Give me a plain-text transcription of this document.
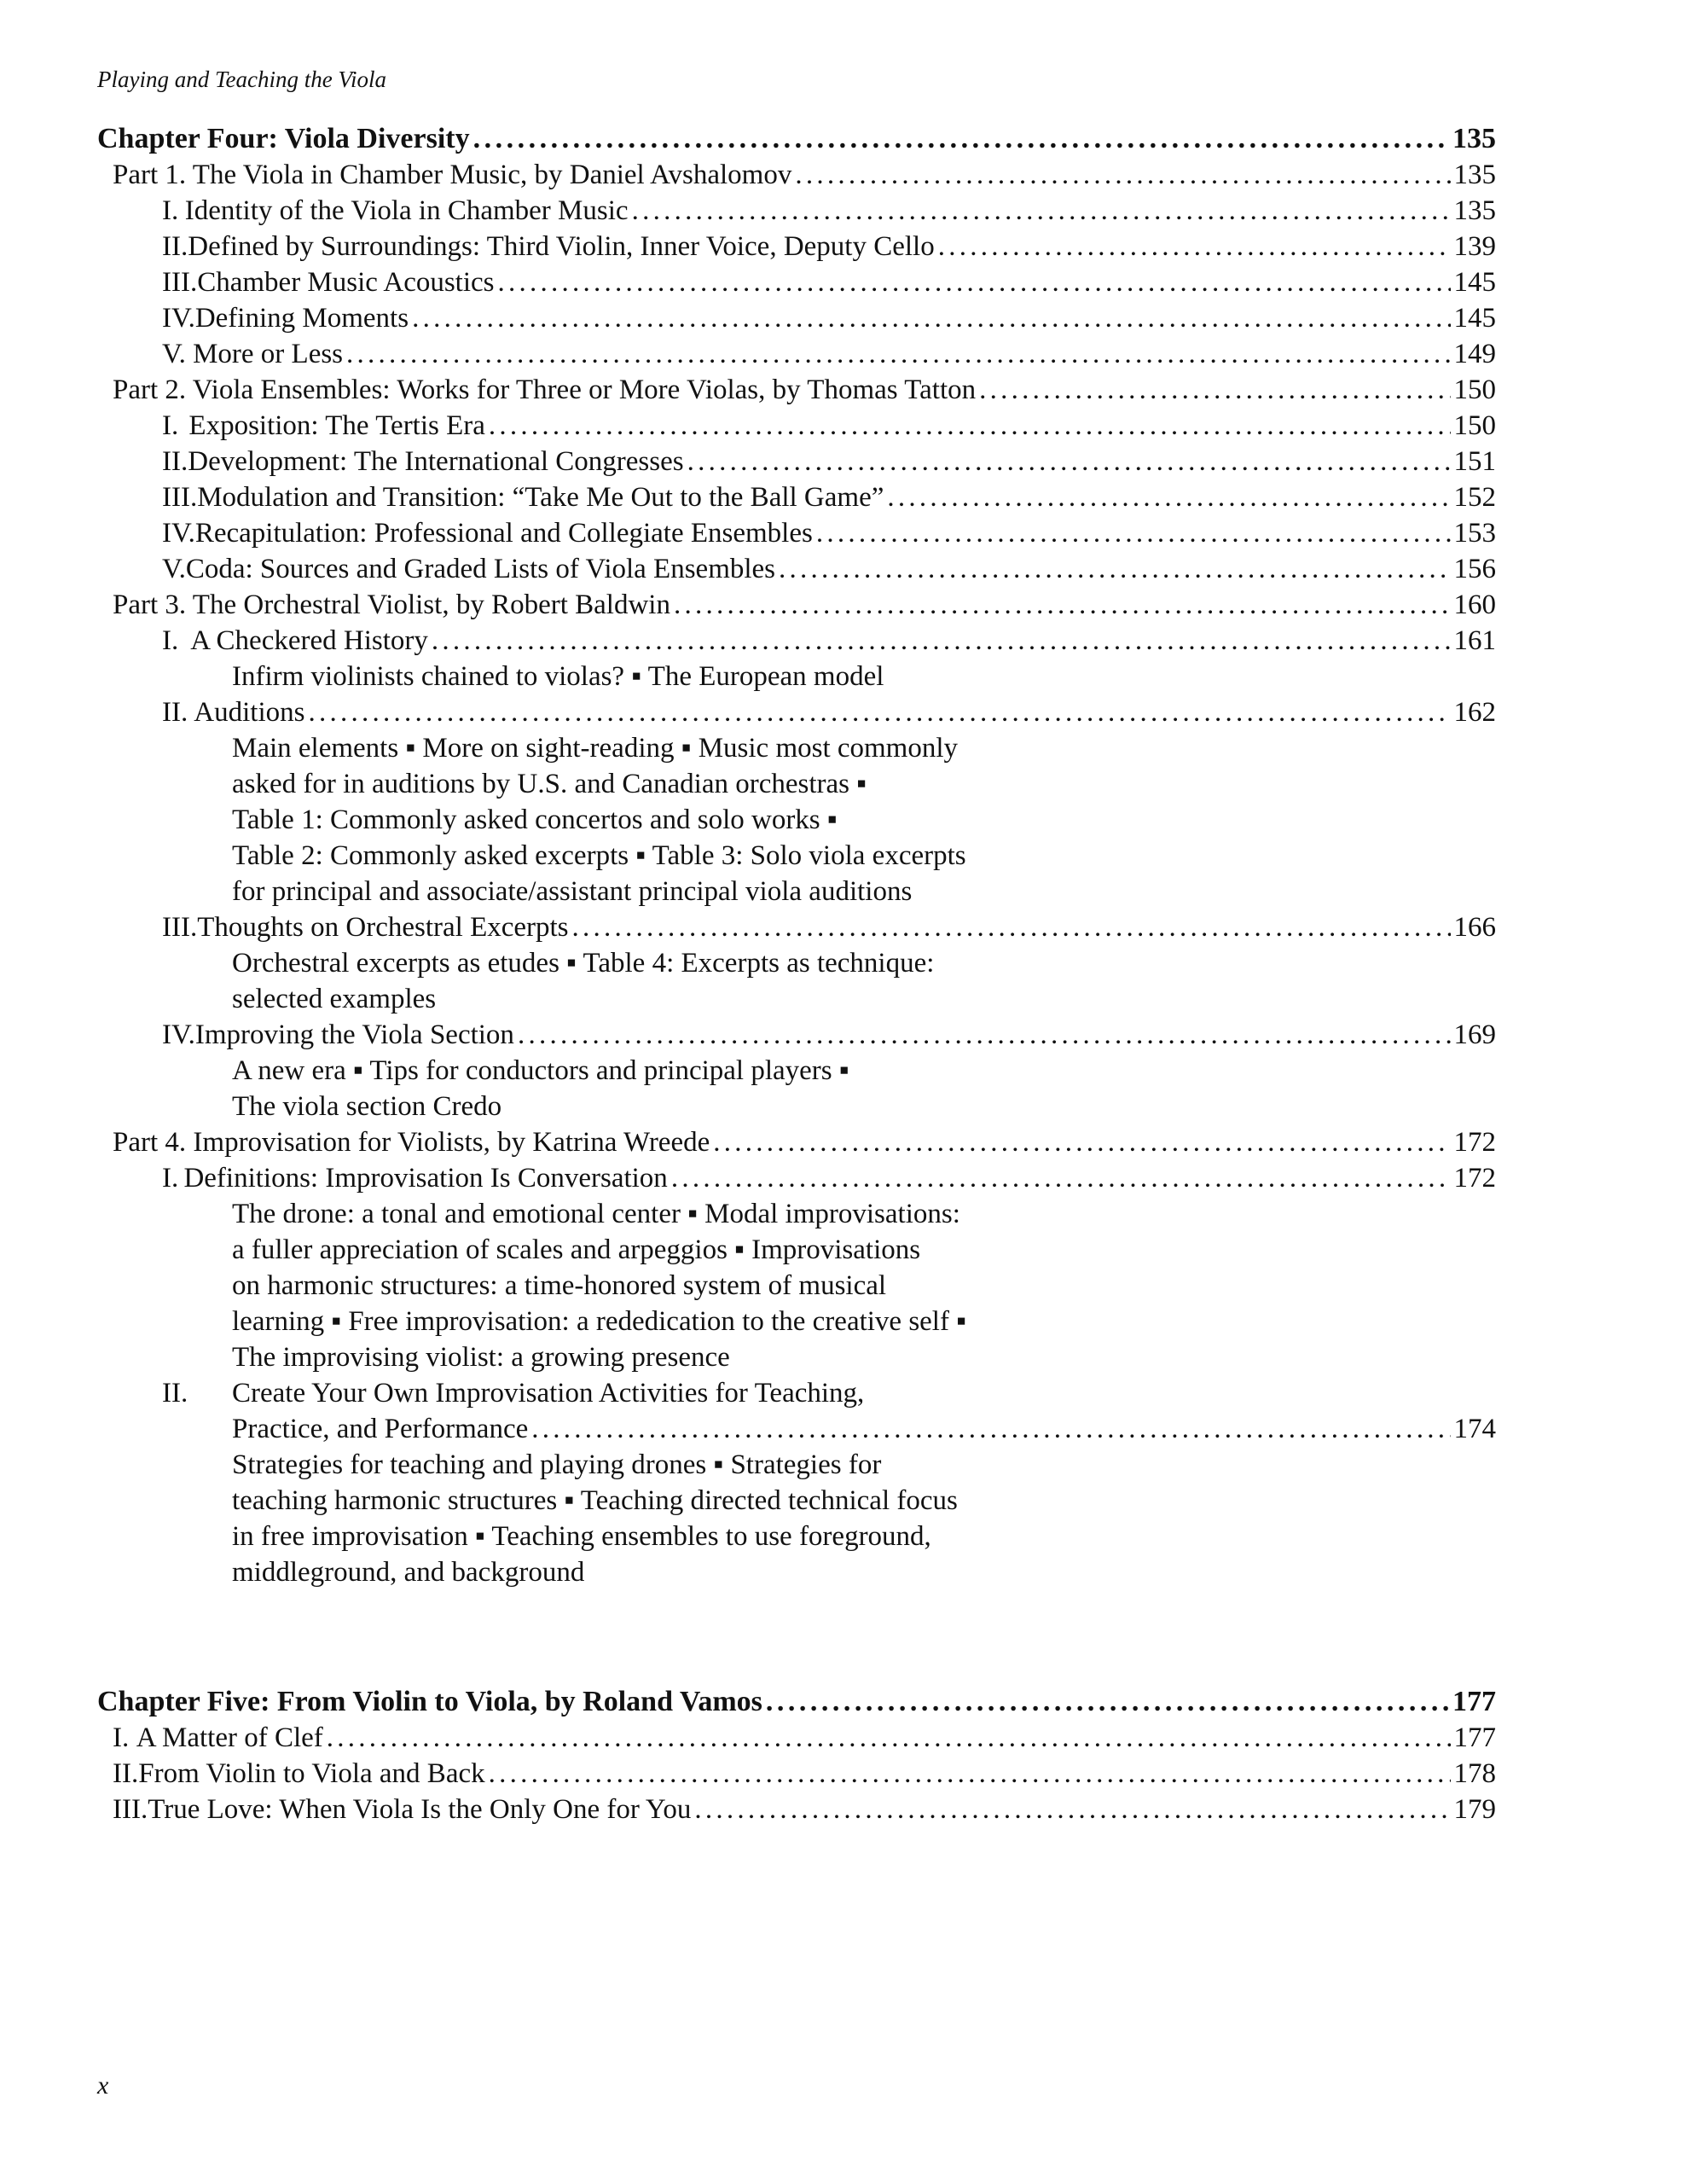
Playing and Teaching the Viola
Chapter Four: Viola Diversity . . .	135
Part 1. The Viola in Chamber Music, by Daniel Avshalomov . . .	135
I. Identity of the Viola in Chamber Music . . .	135
II. Defined by Surroundings: Third Violin, Inner Voice, Deputy Cello . . .	139
III. Chamber Music Acoustics . . .	145
IV. Defining Moments . . .	145
V. More or Less . . .	149
Part 2. Viola Ensembles: Works for Three or More Violas, by Thomas Tatton . . .	150
I. Exposition: The Tertis Era . . .	150
II. Development: The International Congresses . . .	151
III. Modulation and Transition: “Take Me Out to the Ball Game” . . .	152
IV. Recapitulation: Professional and Collegiate Ensembles . . .	153
V. Coda: Sources and Graded Lists of Viola Ensembles . . .	156
Part 3. The Orchestral Violist, by Robert Baldwin . . .	160
I. A Checkered History . . .	161
Infirm violinists chained to violas? ▪ The European model
II. Auditions . . .	162
Main elements ▪ More on sight-reading ▪ Music most commonly
asked for in auditions by U.S. and Canadian orchestras ▪
Table 1: Commonly asked concertos and solo works ▪
Table 2: Commonly asked excerpts ▪ Table 3: Solo viola excerpts
for principal and associate/assistant principal viola auditions
III. Thoughts on Orchestral Excerpts . . .	166
Orchestral excerpts as etudes ▪ Table 4: Excerpts as technique:
selected examples
IV. Improving the Viola Section . . .	169
A new era ▪ Tips for conductors and principal players ▪
The viola section Credo
Part 4. Improvisation for Violists, by Katrina Wreede . . .	172
I. Definitions: Improvisation Is Conversation . . .	172
The drone: a tonal and emotional center ▪ Modal improvisations:
a fuller appreciation of scales and arpeggios ▪ Improvisations
on harmonic structures: a time-honored system of musical
learning ▪ Free improvisation: a rededication to the creative self ▪
The improvising violist: a growing presence
II.	Create Your Own Improvisation Activities for Teaching,
Practice, and Performance . . .	174
Strategies for teaching and playing drones ▪ Strategies for
teaching harmonic structures ▪ Teaching directed technical focus
in free improvisation ▪ Teaching ensembles to use foreground,
middleground, and background
Chapter Five: From Violin to Viola, by Roland Vamos . . .	177
I. A Matter of Clef . . .	177
II. From Violin to Viola and Back . . .	178
III. True Love: When Viola Is the Only One for You . . .	179
x
